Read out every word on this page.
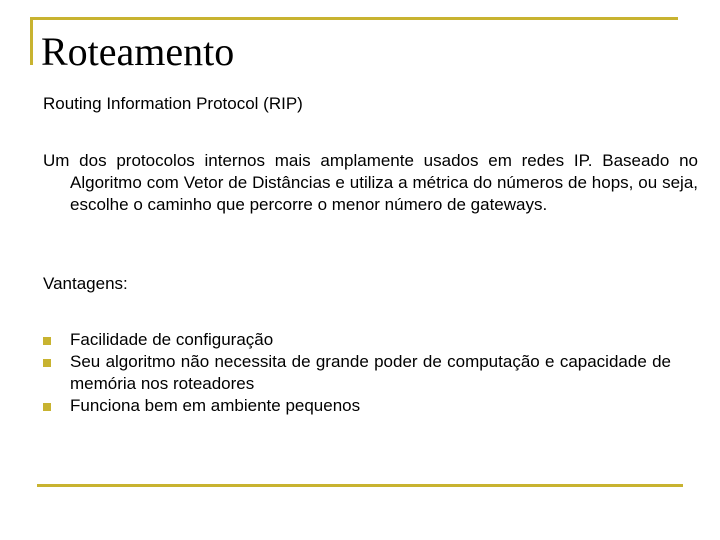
Roteamento
Routing Information Protocol (RIP)

Um dos protocolos internos mais amplamente usados em redes IP. Baseado no Algoritmo com Vetor de Distâncias e utiliza a métrica do números de hops, ou seja, escolhe o caminho que percorre o menor número de gateways.

Vantagens:
Facilidade de configuração
Seu algoritmo não necessita de grande poder de computação e capacidade de memória nos roteadores
Funciona bem em ambiente pequenos
